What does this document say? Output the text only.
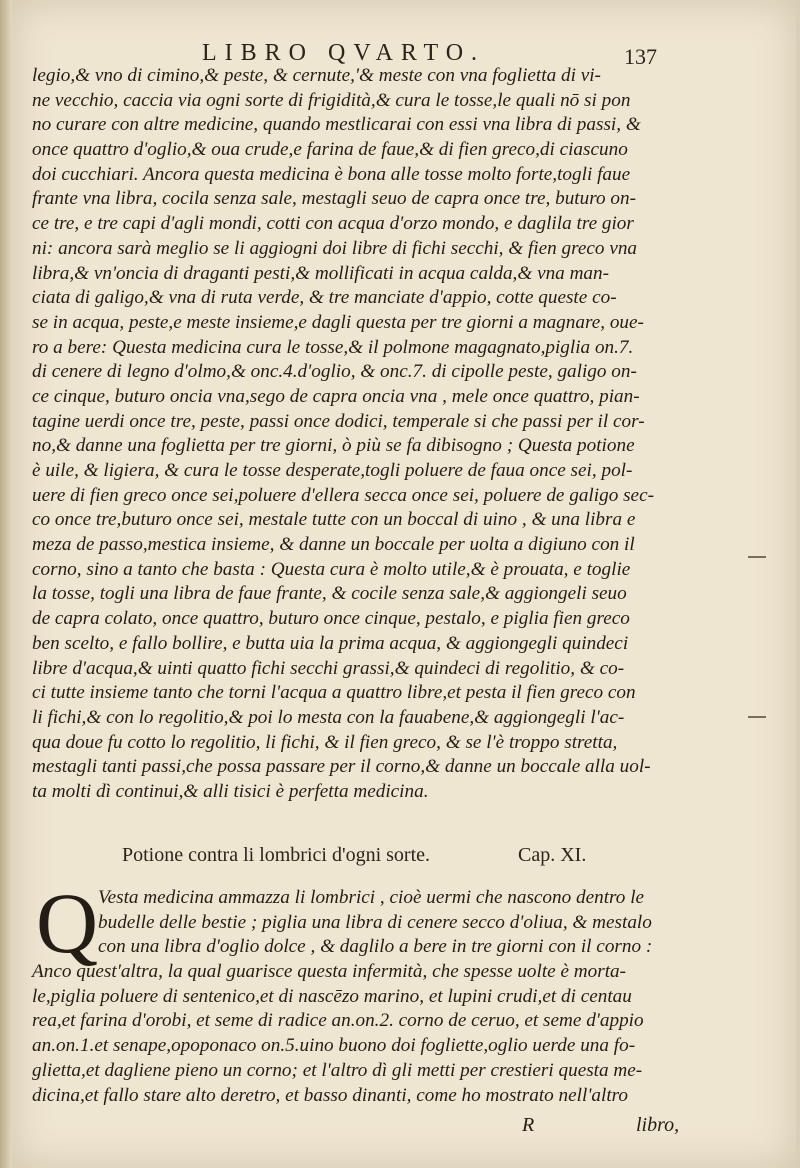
LIBRO QVARTO.	137
legio,& vno di cimino,& peste, & cernute,'& meste con vna foglietta di vi-
ne vecchio, caccia via ogni sorte di frigidità,& cura le tosse,le quali nō si pon
no curare con altre medicine, quando mestlicarai con essi vna libra di passi, &
once quattro d'oglio,& oua crude,e farina de faue,& di fien greco,di ciascuno
doi cucchiari. Ancora questa medicina è bona alle tosse molto forte,togli faue
frante vna libra, cocila senza sale, mestagli seuo de capra once tre, buturo on-
ce tre, e tre capi d'agli mondi, cotti con acqua d'orzo mondo, e daglila tre gior
ni: ancora sarà meglio se li aggiogni doi libre di fichi secchi, & fien greco vna
libra,& vn'oncia di draganti pesti,& mollificati in acqua calda,& vna man-
ciata di galigo,& vna di ruta verde, & tre manciate d'appio, cotte queste co-
se in acqua, peste,e meste insieme,e dagli questa per tre giorni a magnare, oue-
ro a bere: Questa medicina cura le tosse,& il polmone magagnato,piglia on.7.
di cenere di legno d'olmo,& onc.4.d'oglio, & onc.7. di cipolle peste, galigo on-
ce cinque, buturo oncia vna,sego de capra oncia vna , mele once quattro, pian-
tagine uerdi once tre, peste, passi once dodici, temperale si che passi per il cor-
no,& danne una foglietta per tre giorni, ò più se fa dibisogno ; Questa potione
è uile, & ligiera, & cura le tosse desperate,togli poluere de faua once sei, pol-
uere di fien greco once sei,poluere d'ellera secca once sei, poluere de galigo sec-
co once tre,buturo once sei, mestale tutte con un boccal di uino , & una libra e
meza de passo,mestica insieme, & danne un boccale per uolta a digiuno con il
corno, sino a tanto che basta : Questa cura è molto utile,& è prouata, e toglie
la tosse, togli una libra de faue frante, & cocile senza sale,& aggiongeli seuo
de capra colato, once quattro, buturo once cinque, pestalo, e piglia fien greco
ben scelto, e fallo bollire, e butta uia la prima acqua, & aggiongegli quindeci
libre d'acqua,& uinti quatto fichi secchi grassi,& quindeci di regolitio, & co-
ci tutte insieme tanto che torni l'acqua a quattro libre,et pesta il fien greco con
li fichi,& con lo regolitio,& poi lo mesta con la fauabene,& aggiongegli l'ac-
qua doue fu cotto lo regolitio, li fichi, & il fien greco, & se l'è troppo stretta,
mestagli tanti passi,che possa passare per il corno,& danne un boccale alla uol-
ta molti dì continui,& alli tisici è perfetta medicina.
Potione contra li lombrici d'ogni sorte.	Cap. XI.
Q Vesta medicina ammazza li lombrici , cioè uermi che nascono dentro le
budelle delle bestie ; piglia una libra di cenere secco d'oliua, & mestalo
con una libra d'oglio dolce , & daglilo a bere in tre giorni con il corno :
Anco quest'altra, la qual guarisce questa infermità, che spesse uolte è morta-
le,piglia poluere di sentenico,et di nascēzo marino, et lupini crudi,et di centau
rea,et farina d'orobi, et seme di radice an.on.2. corno de ceruo, et seme d'appio
an.on.1.et senape,opoponaco on.5.uino buono doi fogliette,oglio uerde una fo-
glietta,et dagliene pieno un corno; et l'altro dì gli metti per crestieri questa me-
dicina,et fallo stare alto deretro, et basso dinanti, come ho mostrato nell'altro
R	libro,
